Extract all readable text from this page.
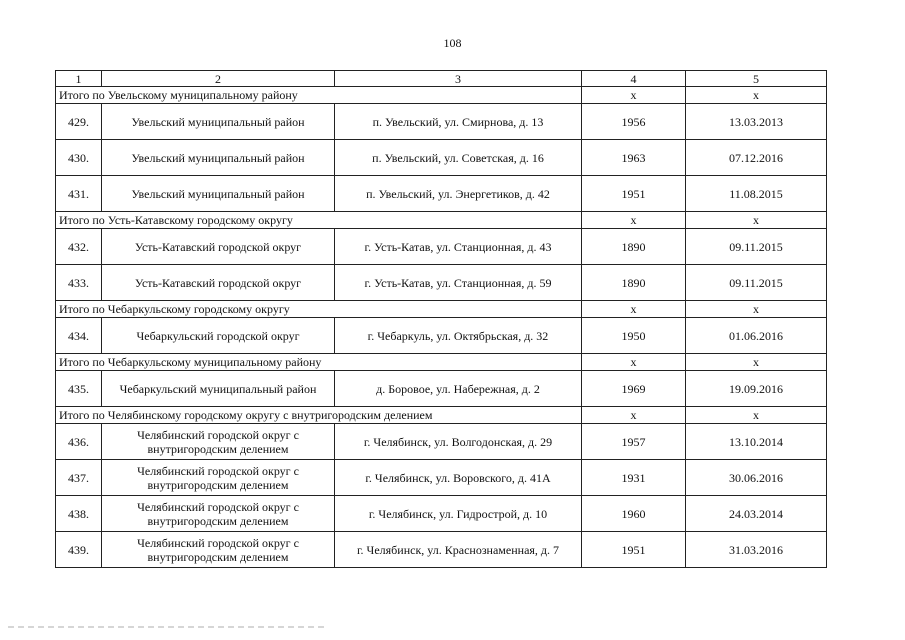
108
1	2	3	4	5
Итого по Увельскому муниципальному району			х	х
429.	Увельский муниципальный район	п. Увельский, ул. Смирнова, д. 13	1956	13.03.2013
430.	Увельский муниципальный район	п. Увельский, ул. Советская, д. 16	1963	07.12.2016
431.	Увельский муниципальный район	п. Увельский, ул. Энергетиков, д. 42	1951	11.08.2015
Итого по Усть-Катавскому городскому округу			х	х
432.	Усть-Катавский городской округ	г. Усть-Катав, ул. Станционная, д. 43	1890	09.11.2015
433.	Усть-Катавский городской округ	г. Усть-Катав, ул. Станционная, д. 59	1890	09.11.2015
Итого по Чебаркульскому городскому округу			х	х
434.	Чебаркульский городской округ	г. Чебаркуль, ул. Октябрьская, д. 32	1950	01.06.2016
Итого по Чебаркульскому муниципальному району			х	х
435.	Чебаркульский муниципальный район	д. Боровое, ул. Набережная, д. 2	1969	19.09.2016
Итого по Челябинскому городскому округу с внутригородским делением			х	х
436.	Челябинский городской округ с внутригородским делением	г. Челябинск, ул. Волгодонская, д. 29	1957	13.10.2014
437.	Челябинский городской округ с внутригородским делением	г. Челябинск, ул. Воровского, д. 41А	1931	30.06.2016
438.	Челябинский городской округ с внутригородским делением	г. Челябинск, ул. Гидрострой, д. 10	1960	24.03.2014
439.	Челябинский городской округ с внутригородским делением	г. Челябинск, ул. Краснознаменная, д. 7	1951	31.03.2016
